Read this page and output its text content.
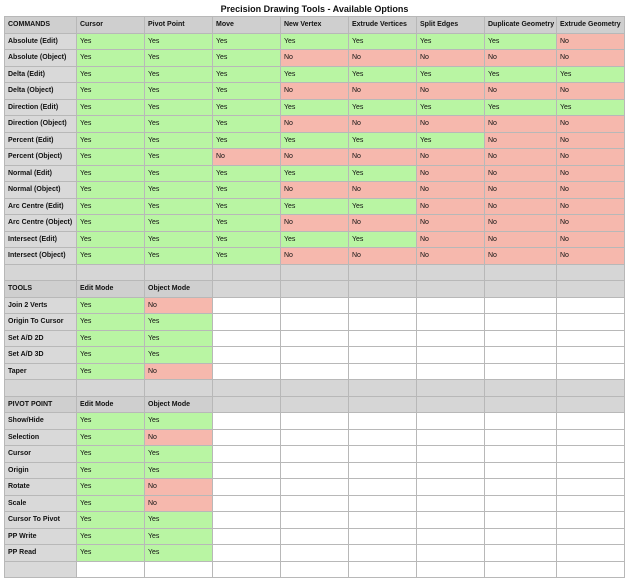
Precision Drawing Tools - Available Options
COMMANDS	Cursor	Pivot Point	Move	New Vertex	Extrude Vertices	Split Edges	Duplicate Geometry	Extrude Geometry
Absolute (Edit)	Yes	Yes	Yes	Yes	Yes	Yes	Yes	No
Absolute (Object)	Yes	Yes	Yes	No	No	No	No	No
Delta (Edit)	Yes	Yes	Yes	Yes	Yes	Yes	Yes	Yes
Delta (Object)	Yes	Yes	Yes	No	No	No	No	No
Direction (Edit)	Yes	Yes	Yes	Yes	Yes	Yes	Yes	Yes
Direction (Object)	Yes	Yes	Yes	No	No	No	No	No
Percent (Edit)	Yes	Yes	Yes	Yes	Yes	Yes	No	No
Percent (Object)	Yes	Yes	No	No	No	No	No	No
Normal (Edit)	Yes	Yes	Yes	Yes	Yes	No	No	No
Normal (Object)	Yes	Yes	Yes	No	No	No	No	No
Arc Centre (Edit)	Yes	Yes	Yes	Yes	Yes	No	No	No
Arc Centre (Object)	Yes	Yes	Yes	No	No	No	No	No
Intersect (Edit)	Yes	Yes	Yes	Yes	Yes	No	No	No
Intersect (Object)	Yes	Yes	Yes	No	No	No	No	No

TOOLS	Edit Mode	Object Mode						
Join 2 Verts	Yes	No						
Origin To Cursor	Yes	Yes						
Set A/D 2D	Yes	Yes						
Set A/D 3D	Yes	Yes						
Taper	Yes	No						

PIVOT POINT	Edit Mode	Object Mode						
Show/Hide	Yes	Yes						
Selection	Yes	No						
Cursor	Yes	Yes						
Origin	Yes	Yes						
Rotate	Yes	No						
Scale	Yes	No						
Cursor To Pivot	Yes	Yes						
PP Write	Yes	Yes						
PP Read	Yes	Yes						
